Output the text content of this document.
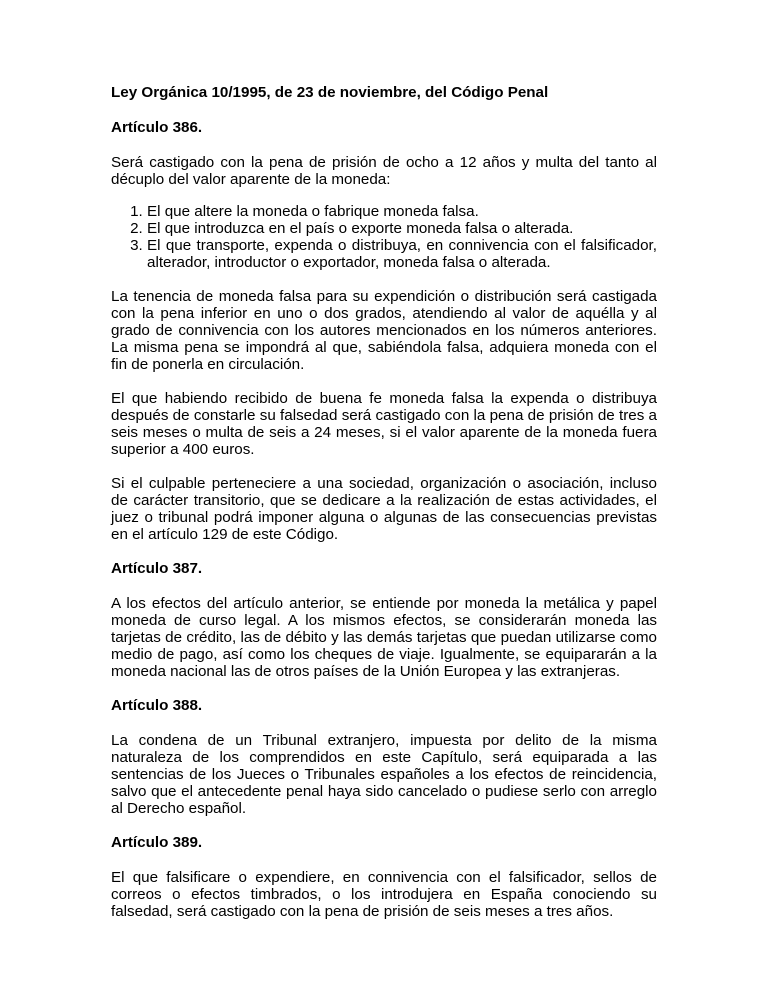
Ley Orgánica 10/1995, de 23 de noviembre, del Código Penal
Artículo 386.

Será castigado con la pena de prisión de ocho a 12 años y multa del tanto al décuplo del valor aparente de la moneda:

1. El que altere la moneda o fabrique moneda falsa.
2. El que introduzca en el país o exporte moneda falsa o alterada.
3. El que transporte, expenda o distribuya, en connivencia con el falsificador, alterador, introductor o exportador, moneda falsa o alterada.

La tenencia de moneda falsa para su expendición o distribución será castigada con la pena inferior en uno o dos grados, atendiendo al valor de aquélla y al grado de connivencia con los autores mencionados en los números anteriores. La misma pena se impondrá al que, sabiéndola falsa, adquiera moneda con el fin de ponerla en circulación.

El que habiendo recibido de buena fe moneda falsa la expenda o distribuya después de constarle su falsedad será castigado con la pena de prisión de tres a seis meses o multa de seis a 24 meses, si el valor aparente de la moneda fuera superior a 400 euros.

Si el culpable perteneciere a una sociedad, organización o asociación, incluso de carácter transitorio, que se dedicare a la realización de estas actividades, el juez o tribunal podrá imponer alguna o algunas de las consecuencias previstas en el artículo 129 de este Código.

Artículo 387.

A los efectos del artículo anterior, se entiende por moneda la metálica y papel moneda de curso legal. A los mismos efectos, se considerarán moneda las tarjetas de crédito, las de débito y las demás tarjetas que puedan utilizarse como medio de pago, así como los cheques de viaje. Igualmente, se equipararán a la moneda nacional las de otros países de la Unión Europea y las extranjeras.

Artículo 388.

La condena de un Tribunal extranjero, impuesta por delito de la misma naturaleza de los comprendidos en este Capítulo, será equiparada a las sentencias de los Jueces o Tribunales españoles a los efectos de reincidencia, salvo que el antecedente penal haya sido cancelado o pudiese serlo con arreglo al Derecho español.

Artículo 389.

El que falsificare o expendiere, en connivencia con el falsificador, sellos de correos o efectos timbrados, o los introdujera en España conociendo su falsedad, será castigado con la pena de prisión de seis meses a tres años.
